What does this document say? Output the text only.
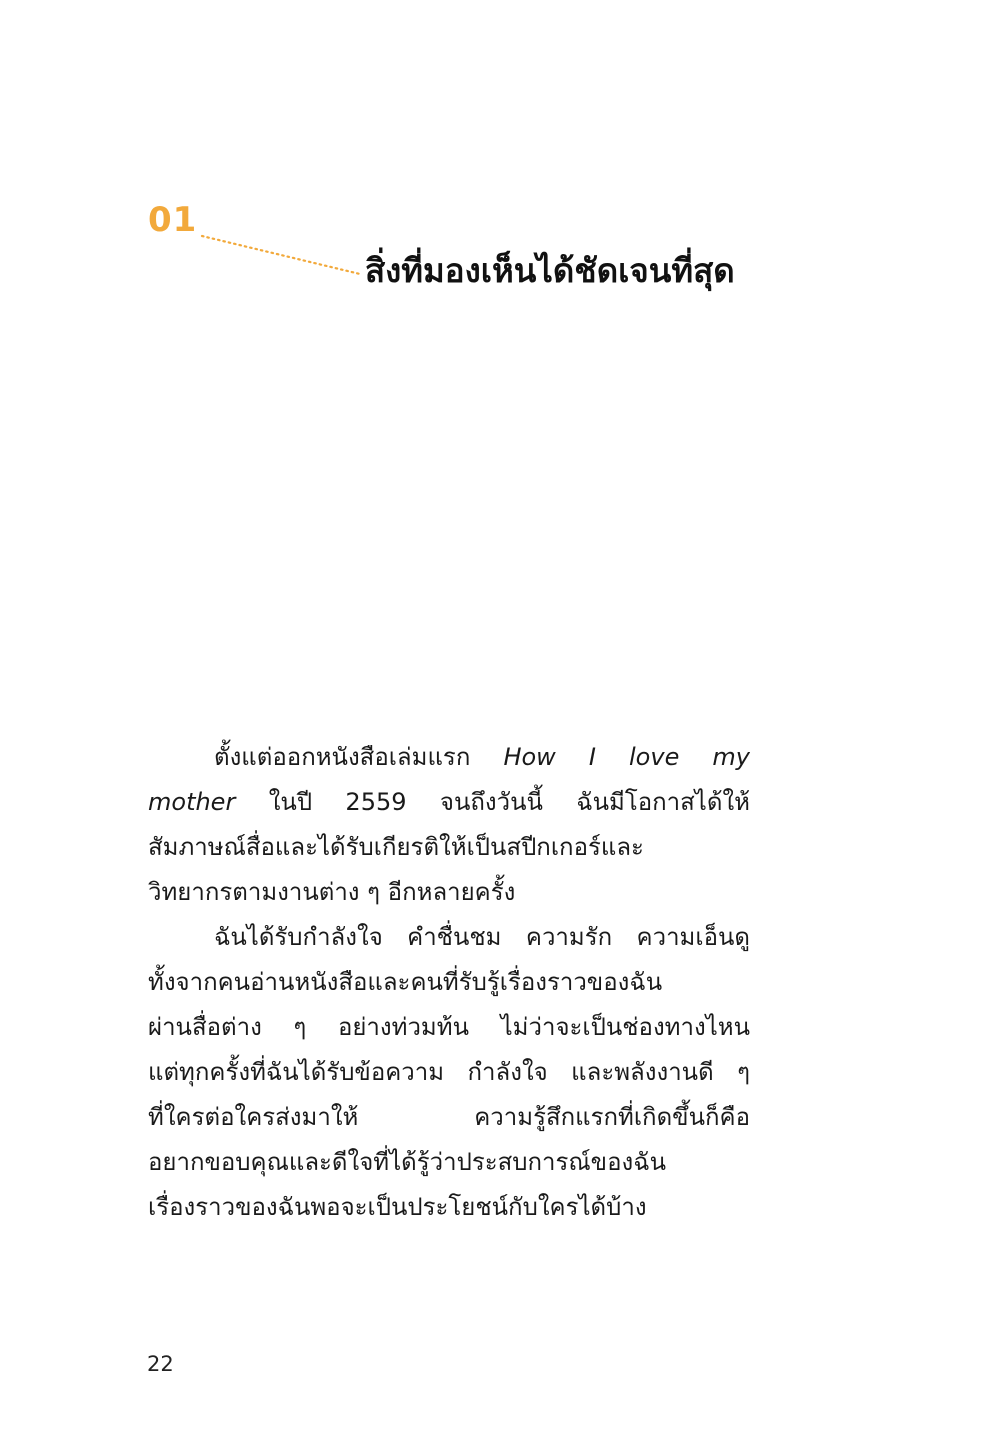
01
สิ่งที่มองเห็นได้ชัดเจนที่สุด
ตั้งแต่ออกหนังสือเล่มแรก How I love my
mother ในปี 2559 จนถึงวันนี้ ฉันมีโอกาสได้ให้
สัมภาษณ์สื่อและได้รับเกียรติให้เป็นสปีกเกอร์และ
วิทยากรตามงานต่าง ๆ อีกหลายครั้ง
ฉันได้รับกำลังใจ คำชื่นชม ความรัก ความเอ็นดู
ทั้งจากคนอ่านหนังสือและคนที่รับรู้เรื่องราวของฉัน
ผ่านสื่อต่าง ๆ อย่างท่วมท้น ไม่ว่าจะเป็นช่องทางไหน
แต่ทุกครั้งที่ฉันได้รับข้อความ กำลังใจ และพลังงานดี ๆ
ที่ใครต่อใครส่งมาให้ ความรู้สึกแรกที่เกิดขึ้นก็คือ
อยากขอบคุณและดีใจที่ได้รู้ว่าประสบการณ์ของฉัน
เรื่องราวของฉันพอจะเป็นประโยชน์กับใครได้บ้าง
22
